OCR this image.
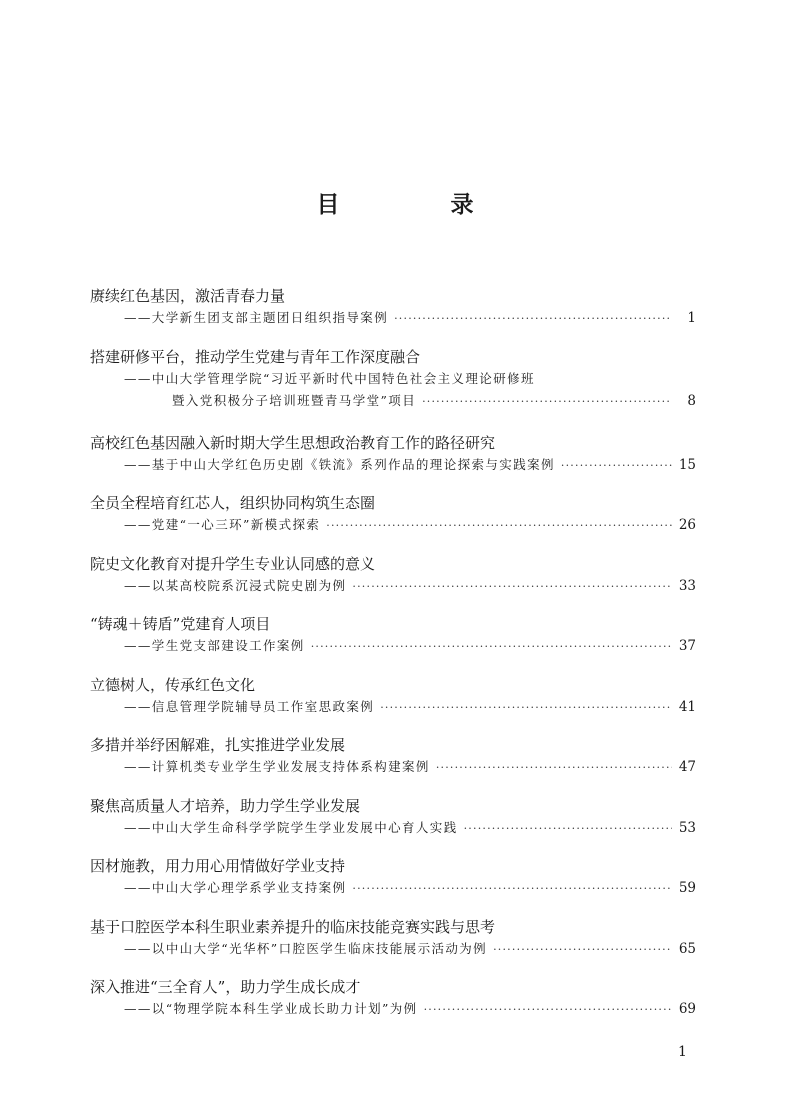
目　录
赓续红色基因，激活青春力量
——大学新生团支部主题团日组织指导案例 ·····	1
搭建研修平台，推动学生党建与青年工作深度融合
——中山大学管理学院“习近平新时代中国特色社会主义理论研修班
暨入党积极分子培训班暨青马学堂”项目 ·····	8
高校红色基因融入新时期大学生思想政治教育工作的路径研究
——基于中山大学红色历史剧《铁流》系列作品的理论探索与实践案例 ·····	15
全员全程培育红芯人，组织协同构筑生态圈
——党建“一心三环”新模式探索 ·····	26
院史文化教育对提升学生专业认同感的意义
——以某高校院系沉浸式院史剧为例 ·····	33
“铸魂＋铸盾”党建育人项目
——学生党支部建设工作案例 ·····	37
立德树人，传承红色文化
——信息管理学院辅导员工作室思政案例 ·····	41
多措并举纾困解难，扎实推进学业发展
——计算机类专业学生学业发展支持体系构建案例 ·····	47
聚焦高质量人才培养，助力学生学业发展
——中山大学生命科学学院学生学业发展中心育人实践 ·····	53
因材施教，用力用心用情做好学业支持
——中山大学心理学系学业支持案例 ·····	59
基于口腔医学本科生职业素养提升的临床技能竞赛实践与思考
——以中山大学“光华杯”口腔医学生临床技能展示活动为例 ·····	65
深入推进“三全育人”，助力学生成长成才
——以“物理学院本科生学业成长助力计划”为例 ·····	69
1
